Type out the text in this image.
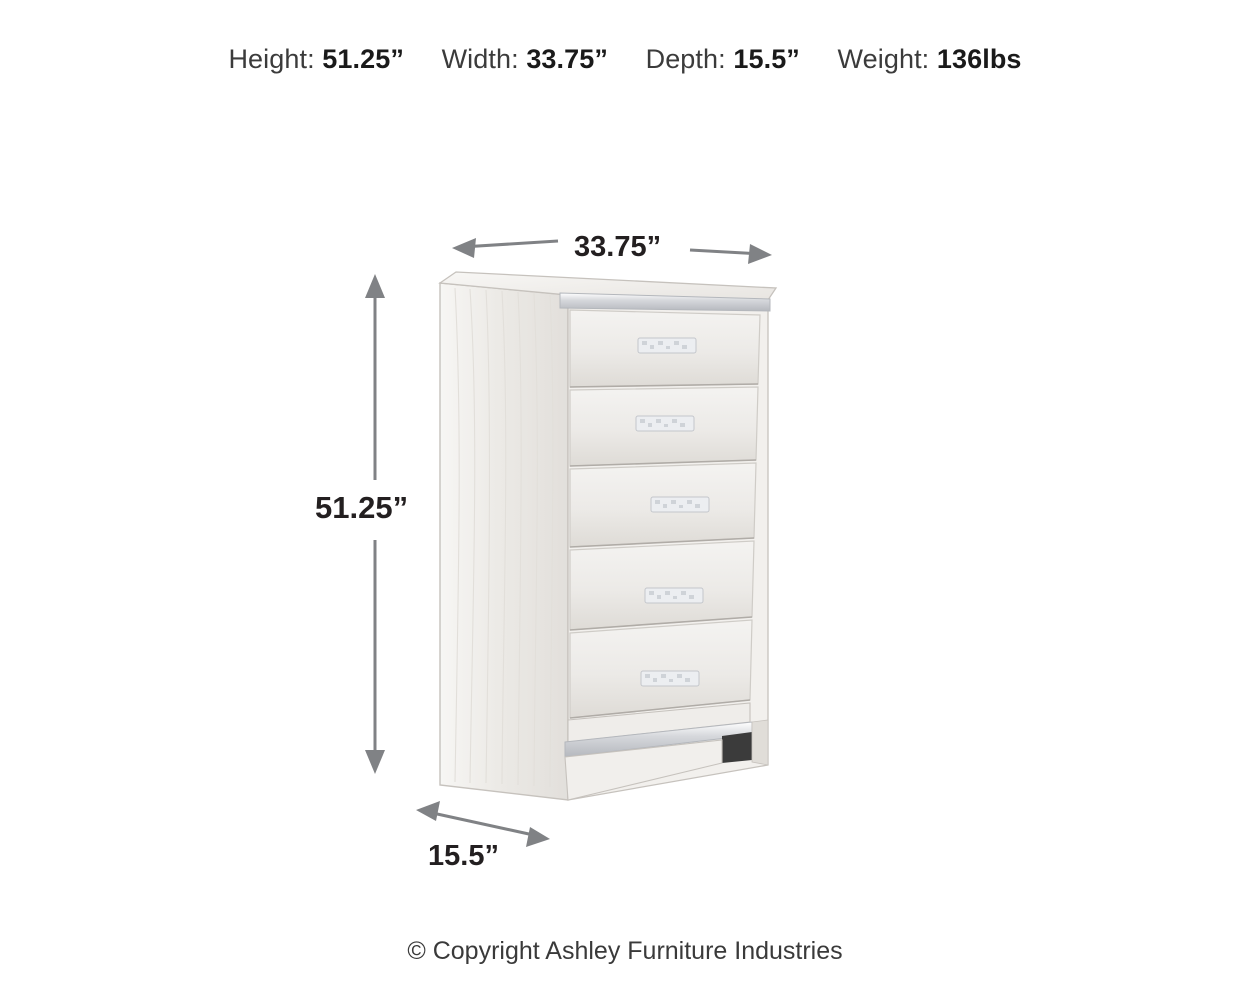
Height: 51.25” Width: 33.75” Depth: 15.5” Weight: 136lbs
33.75”
51.25”
15.5”
© Copyright Ashley Furniture Industries
